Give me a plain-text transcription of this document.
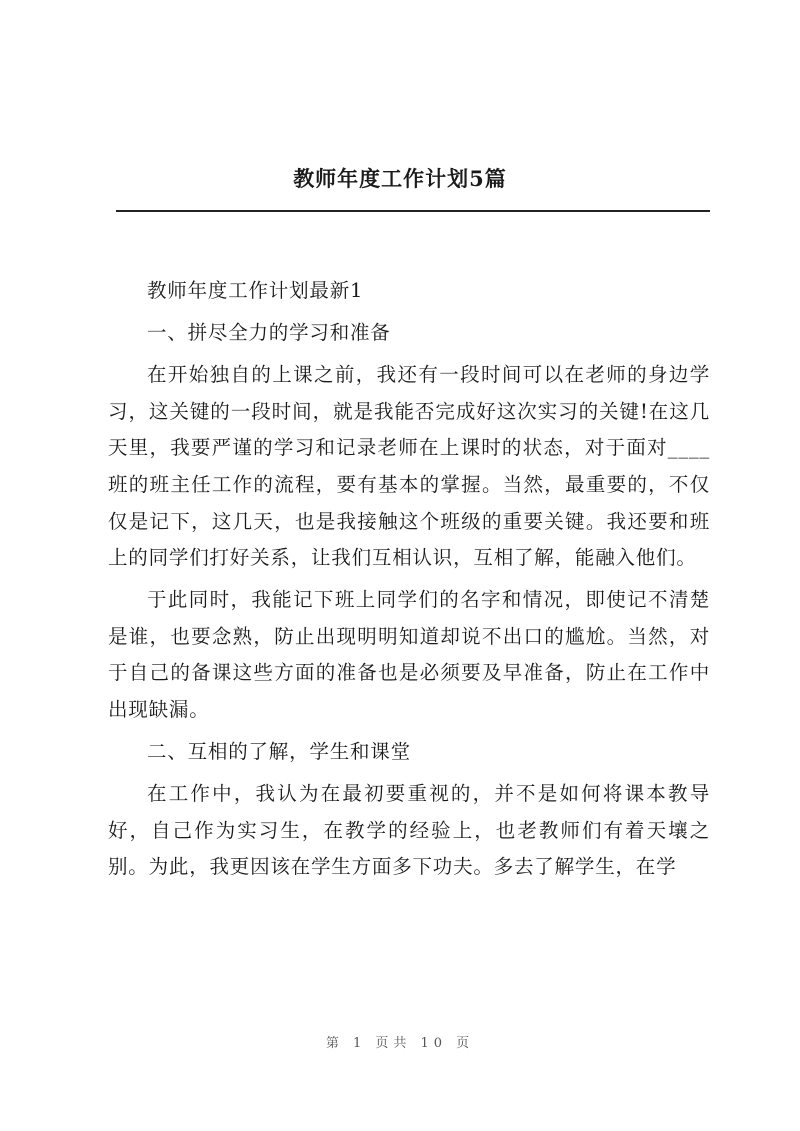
教师年度工作计划5篇

教师年度工作计划最新1

一、拼尽全力的学习和准备

在开始独自的上课之前，我还有一段时间可以在老师的身边学习，这关键的一段时间，就是我能否完成好这次实习的关键!在这几天里，我要严谨的学习和记录老师在上课时的状态，对于面对____班的班主任工作的流程，要有基本的掌握。当然，最重要的，不仅仅是记下，这几天，也是我接触这个班级的重要关键。我还要和班上的同学们打好关系，让我们互相认识，互相了解，能融入他们。

于此同时，我能记下班上同学们的名字和情况，即使记不清楚是谁，也要念熟，防止出现明明知道却说不出口的尴尬。当然，对于自己的备课这些方面的准备也是必须要及早准备，防止在工作中出现缺漏。

二、互相的了解，学生和课堂

在工作中，我认为在最初要重视的，并不是如何将课本教导好，自己作为实习生，在教学的经验上，也老教师们有着天壤之别。为此，我更因该在学生方面多下功夫。多去了解学生，在学

第 1 页共 10 页
